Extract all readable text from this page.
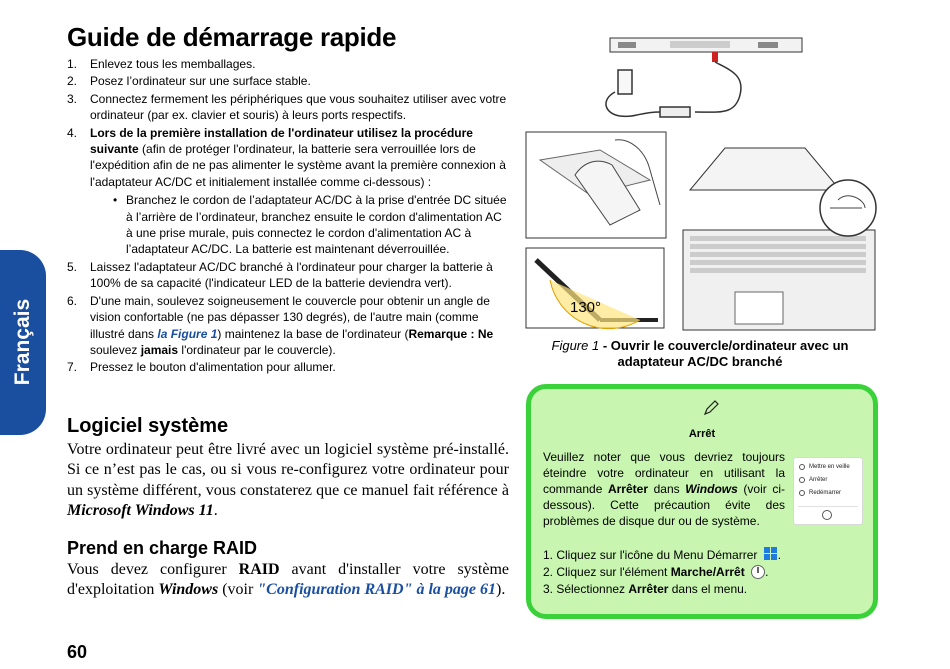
Français
Guide de démarrage rapide
1. Enlevez tous les memballages.
2. Posez l’ordinateur sur une surface stable.
3. Connectez fermement les périphériques que vous souhaitez utiliser avec votre ordinateur (par ex. clavier et souris) à leurs ports respectifs.
4. Lors de la première installation de l'ordinateur utilisez la procédure suivante (afin de protéger l'ordinateur, la batterie sera verrouillée lors de l'expédition afin de ne pas alimenter le système avant la première connexion à l'adaptateur AC/DC et initialement installée comme ci-dessous) :
• Branchez le cordon de l’adaptateur AC/DC à la prise d'entrée DC située à l’arrière de l’ordinateur, branchez ensuite le cordon d'alimentation AC à une prise murale, puis connectez le cordon d'alimentation AC à l’adaptateur AC/DC. La batterie est maintenant déverrouillée.
5. Laissez l'adaptateur AC/DC branché à l'ordinateur pour charger la batterie à 100% de sa capacité (l'indicateur LED de la batterie deviendra vert).
6. D'une main, soulevez soigneusement le couvercle pour obtenir un angle de vision confortable (ne pas dépasser 130 degrés), de l'autre main (comme illustré dans la Figure 1) maintenez la base de l'ordinateur (Remarque : Ne soulevez jamais l'ordinateur par le couvercle).
7. Pressez le bouton d'alimentation pour allumer.
Logiciel système

Votre ordinateur peut être livré avec un logiciel système pré-installé. Si ce n’est pas le cas, ou si vous re-configurez votre ordinateur pour un système différent, vous constaterez que ce manuel fait référence à Microsoft Windows 11.

Prend en charge RAID

Vous devez configurer RAID avant d'installer votre système d'exploitation Windows (voir "Configuration RAID" à la page 61).

60
130°
Figure 1 - Ouvrir le couvercle/ordinateur avec un adaptateur AC/DC branché
Arrêt
Veuillez noter que vous devriez toujours éteindre votre ordinateur en utilisant la commande Arrêter dans Windows (voir ci-dessous). Cette précaution évite des problèmes de disque dur ou de système.
Mettre en veille
Arrêter
Redémarrer
1. Cliquez sur l'icône du Menu Démarrer .
2. Cliquez sur l'élément Marche/Arrêt .
3. Sélectionnez Arrêter dans el menu.
